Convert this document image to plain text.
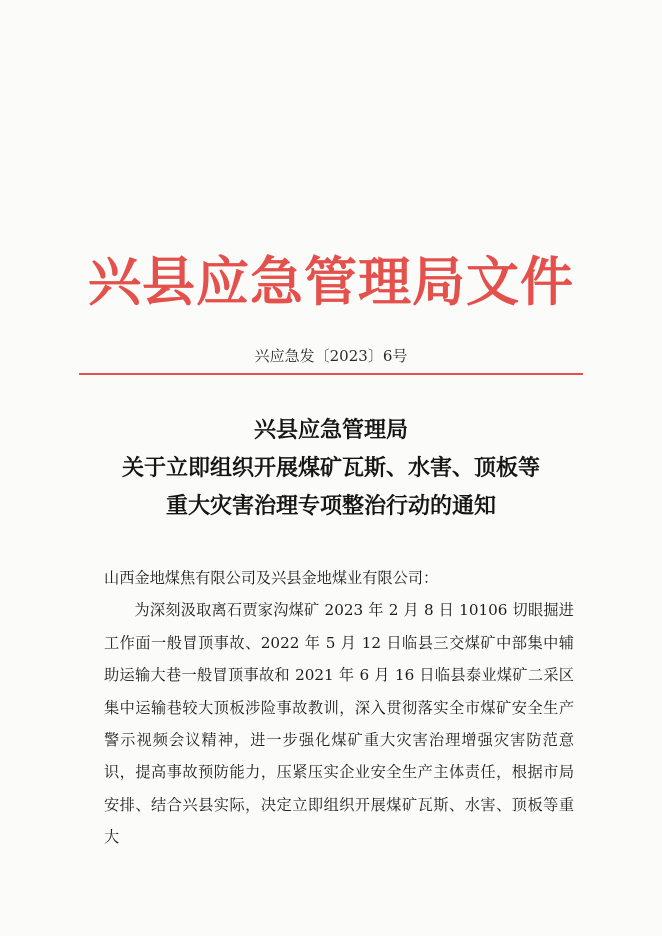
兴县应急管理局文件
兴应急发〔2023〕6号
兴县应急管理局
关于立即组织开展煤矿瓦斯、水害、顶板等
重大灾害治理专项整治行动的通知
山西金地煤焦有限公司及兴县金地煤业有限公司：
为深刻汲取离石贾家沟煤矿 2023 年 2 月 8 日 10106 切眼掘进工作面一般冒顶事故、2022 年 5 月 12 日临县三交煤矿中部集中辅助运输大巷一般冒顶事故和 2021 年 6 月 16 日临县泰业煤矿二采区集中运输巷较大顶板涉险事故教训，深入贯彻落实全市煤矿安全生产警示视频会议精神，进一步强化煤矿重大灾害治理增强灾害防范意识，提高事故预防能力，压紧压实企业安全生产主体责任，根据市局安排、结合兴县实际，决定立即组织开展煤矿瓦斯、水害、顶板等重大
